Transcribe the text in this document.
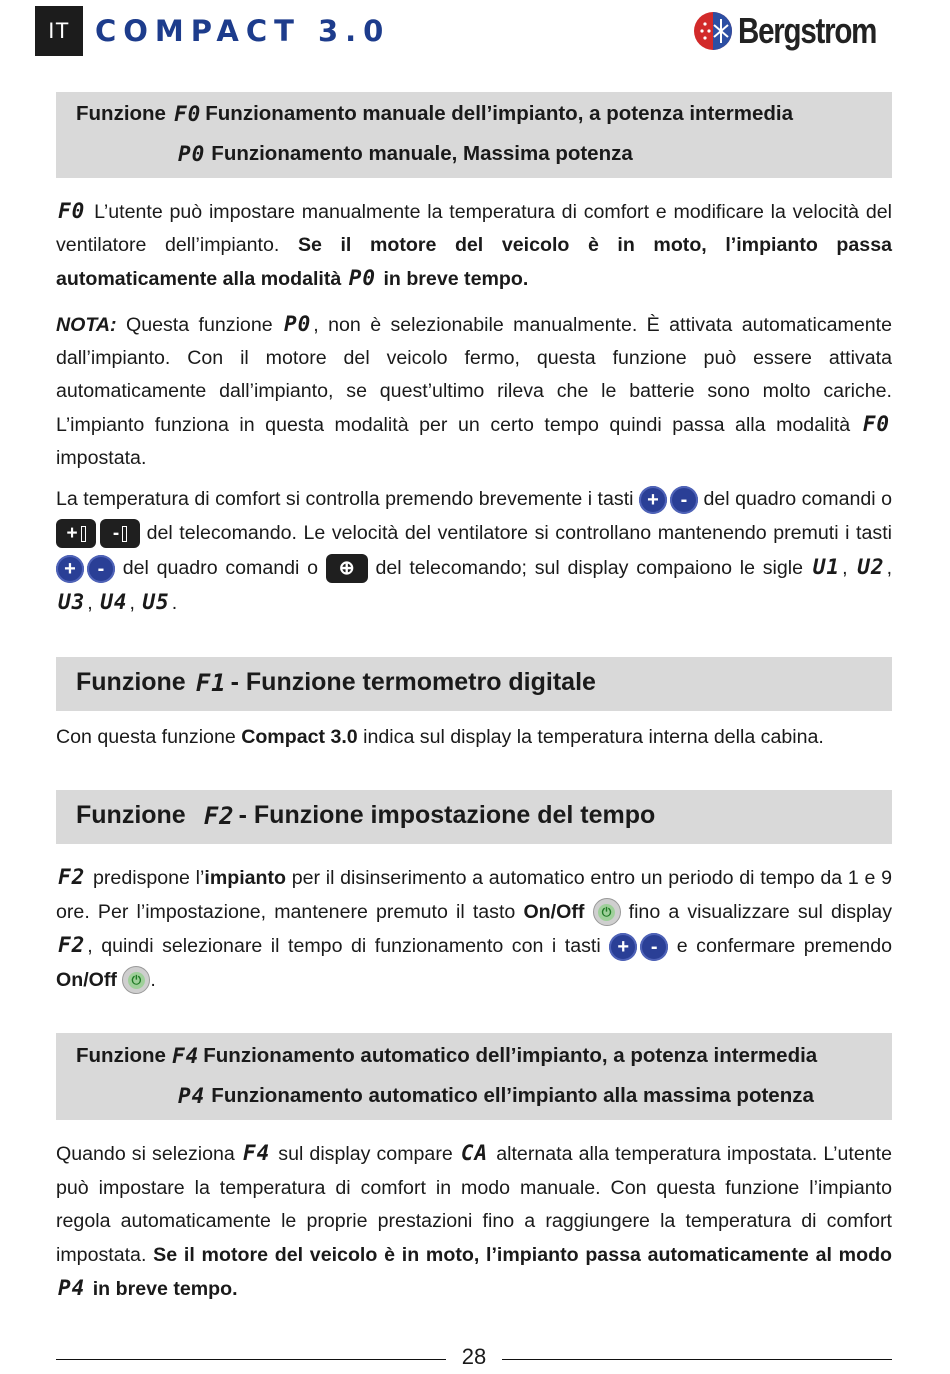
IT COMPACT 3.0	Bergstrom
Funzione F0 Funzionamento manuale dell’impianto, a potenza intermedia
P0 Funzionamento manuale, Massima potenza
F0 L’utente può impostare manualmente la temperatura di comfort e modificare la velocità del ventilatore dell’impianto. Se il motore del veicolo è in moto, l’impianto passa automaticamente alla modalità P0 in breve tempo.
NOTA: Questa funzione P0 , non è selezionabile manualmente. È attivata automaticamente dall’impianto. Con il motore del veicolo fermo, questa funzione può essere attivata automaticamente dall’impianto, se quest’ultimo rileva che le batterie sono molto cariche. L’impianto funziona in questa modalità per un certo tempo quindi passa alla modalità F0 impostata.
La temperatura di comfort si controlla premendo brevemente i tasti + - del quadro comandi o
+ - del telecomando. Le velocità del ventilatore si controllano mantenendo premuti i tasti + - del quadro comandi o ⊕ del telecomando; sul display compaiono le sigle U1 , U2 , U3 , U4 , U5 .
Funzione F1 - Funzione termometro digitale
Con questa funzione Compact 3.0 indica sul display la temperatura interna della cabina.
Funzione F2 - Funzione impostazione del tempo
F2 predispone l’impianto per il disinserimento a automatico entro un periodo di tempo da 1 e 9 ore. Per l’impostazione, mantenere premuto il tasto On/Off	⏻ fino a visualizzare sul display F2 , quindi selezionare il tempo di funzionamento con i tasti + - e confermare premendo On/Off	⏻ .
Funzione F4 Funzionamento automatico dell’impianto, a potenza intermedia
P4 Funzionamento automatico ell’impianto alla massima potenza
Quando si seleziona F4 sul display compare CA alternata alla temperatura impostata. L’utente può impostare la temperatura di comfort in modo manuale. Con questa funzione l’impianto regola automaticamente le proprie prestazioni fino a raggiungere la temperatura di comfort impostata. Se il motore del veicolo è in moto, l’impianto passa automaticamente al modo P4 in breve tempo.
28
